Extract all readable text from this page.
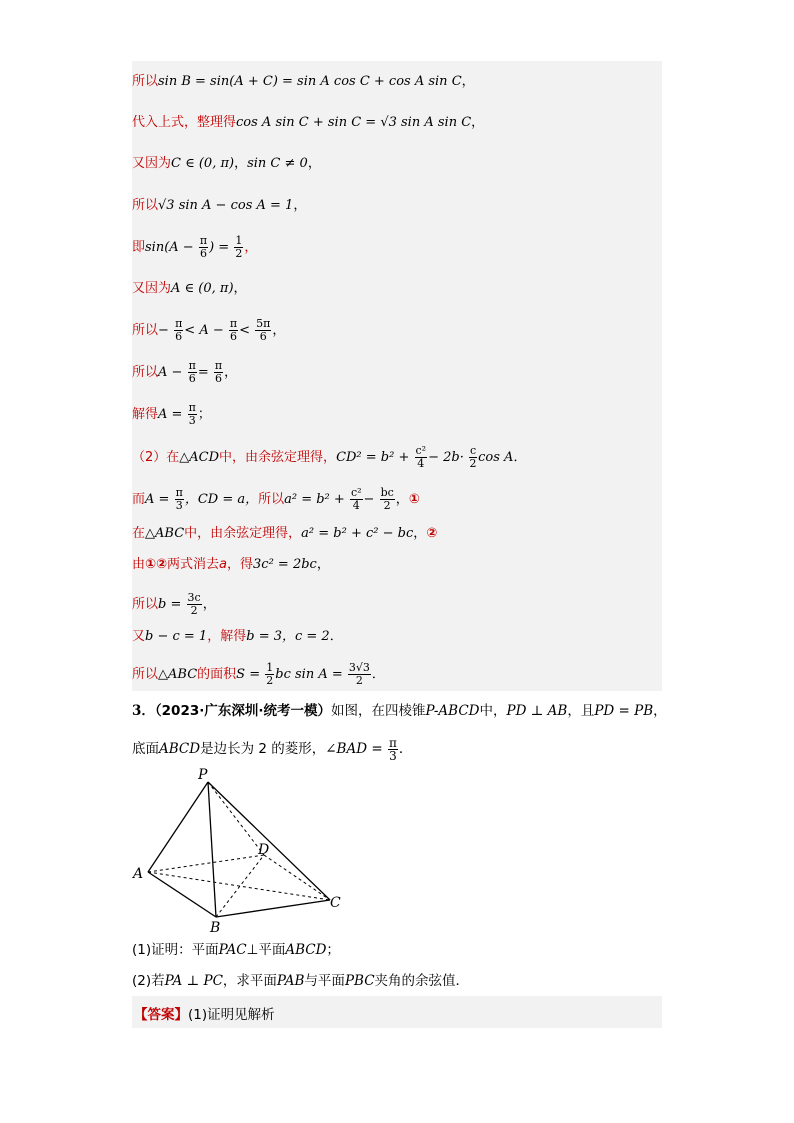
所以sin B = sin(A + C) = sin A cos C + cos A sin C，
代入上式，整理得cos A sin C + sin C = √3 sin A sin C，
又因为C ∈ (0, π)，sin C ≠ 0，
所以√3 sin A − cos A = 1，
即$\sin(A - \frac{\pi}{6}$ ) = $\frac{1}{2}$ ，
又因为A ∈ (0, π)，
所以− $\frac{\pi}{6} < A - \frac{\pi}{6} < \frac{5\pi}{6}$ ，
所以$A - \frac{\pi}{6} = \frac{\pi}{6}$ ，
解得$A = \frac{\pi}{3}$ ；
（2）在△ACD中，由余弦定理得，$CD^2 = b^2 + \frac{\text{c²}}{4} - 2b\cdot \frac{c}{2}$ cos A．
而$A = \frac{\pi}{3}$ ，CD = a，所以$a^2 = b^2 + \frac{\text{c²}}{4} - \frac{bc}{2}$ ，①
在△ABC中，由余弦定理得，a² = b² + c² − bc，②
由①②两式消去a，得3c² = 2bc，
所以$b = \frac{3c}{2}$ ，
又b − c = 1，解得b = 3，c = 2．
所以△ABC的面积$S = \frac{1}{2}$ bc $\sin A = \frac{3√3}{2}$ ．
3．（2023·广东深圳·统考一模）如图，在四棱锥P-ABCD中，PD ⊥ AB，且PD = PB，
底面ABCD是边长为 2 的菱形，∠BAD = $\frac{\pi}{3}$ ．
P
A
B
C
D
(1)证明：平面PAC⊥平面ABCD；
(2)若PA ⊥ PC，求平面PAB与平面PBC夹角的余弦值．
【答案】(1)证明见解析
